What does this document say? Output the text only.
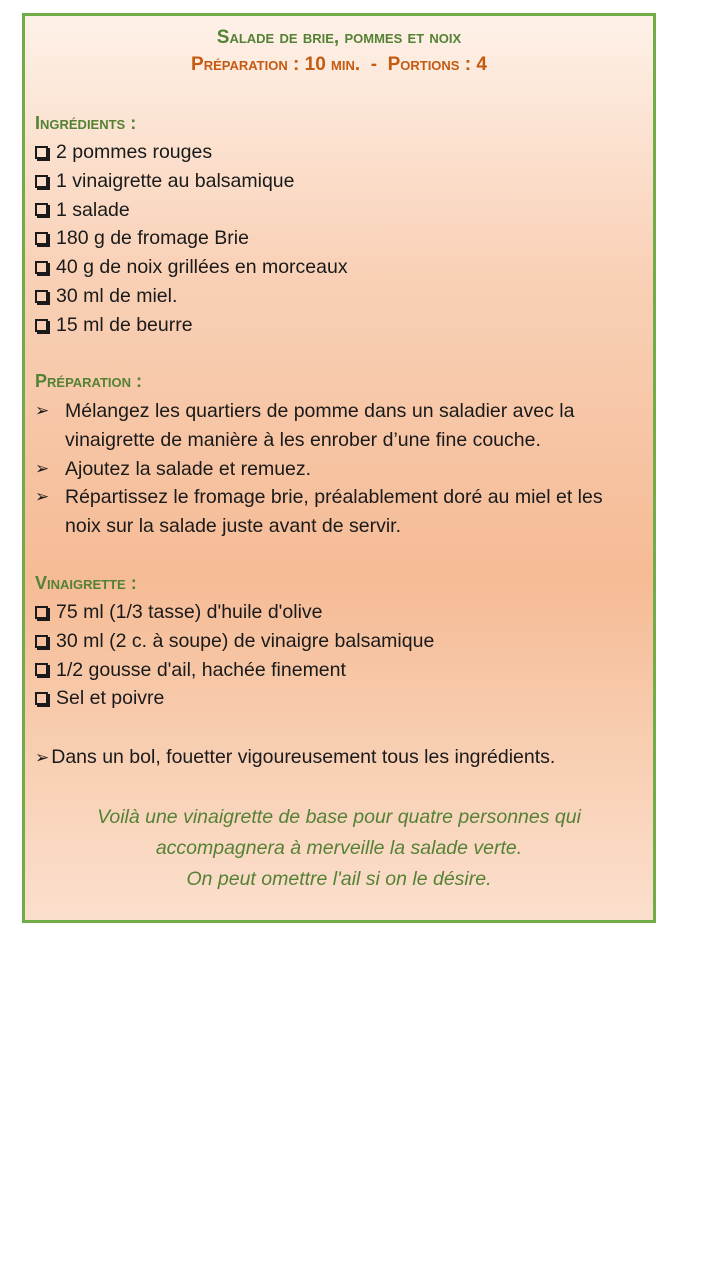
Salade de brie, pommes et noix
Préparation : 10 min.  -  Portions : 4
Ingrédients :
2 pommes rouges
1 vinaigrette au balsamique
1 salade
180 g de fromage Brie
40 g de noix grillées en morceaux
30 ml de miel.
15 ml de beurre
Préparation :
➢ Mélangez les quartiers de pomme dans un saladier avec la vinaigrette de manière à les enrober d’une fine couche.
➢ Ajoutez la salade et remuez.
➢ Répartissez le fromage brie, préalablement doré au miel et les noix sur la salade juste avant de servir.
Vinaigrette :
75 ml (1/3 tasse) d'huile d'olive
30 ml (2 c. à soupe) de vinaigre balsamique
1/2 gousse d'ail, hachée finement
Sel et poivre
➢ Dans un bol, fouetter vigoureusement tous les ingrédients.
Voilà une vinaigrette de base pour quatre personnes qui
accompagnera à merveille la salade verte.
On peut omettre l'ail si on le désire.
